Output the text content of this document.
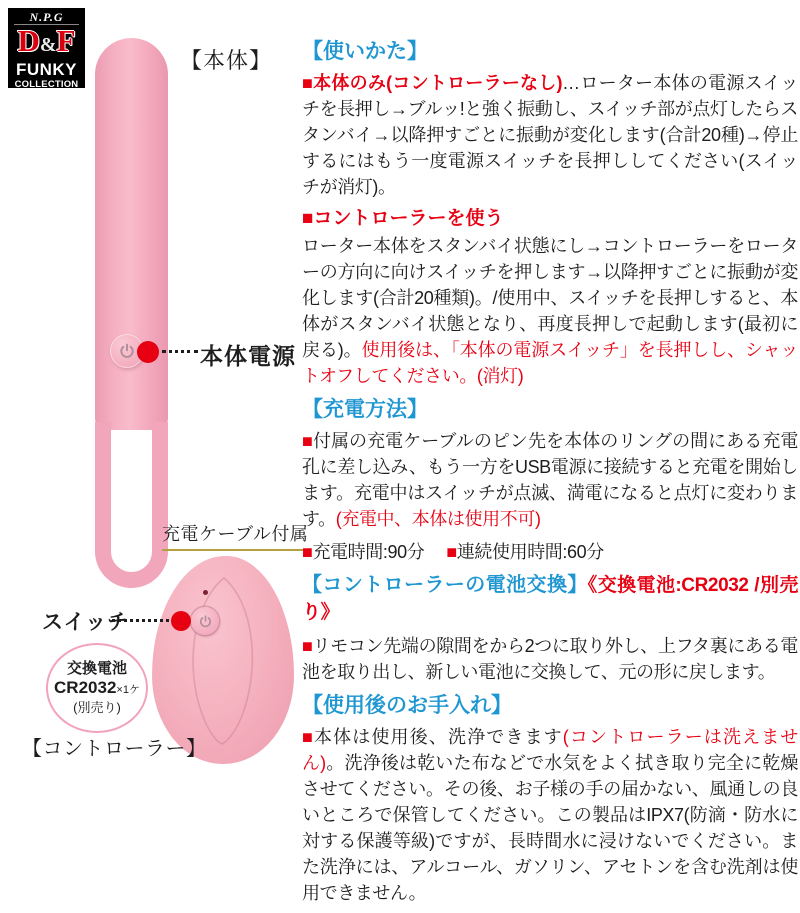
N.P.G
D&F
FUNKY
COLLECTION
【本体】
本体電源
充電ケーブル付属
スイッチ
交換電池
CR2032×1ケ
(別売り)
【コントローラー】
【使いかた】

■本体のみ(コントローラーなし)…ローター本体の電源スイッチを長押し→ブルッ!と強く振動し、スイッチ部が点灯したらスタンバイ→以降押すごとに振動が変化します(合計20種)→停止するにはもう一度電源スイッチを長押ししてください(スイッチが消灯)。

■コントローラーを使う

ローター本体をスタンバイ状態にし→コントローラーをローターの方向に向けスイッチを押します→以降押すごとに振動が変化します(合計20種類)。/使用中、スイッチを長押しすると、本体がスタンバイ状態となり、再度長押しで起動します(最初に戻る)。使用後は、「本体の電源スイッチ」を長押しし、シャットオフしてください。(消灯)

【充電方法】

■付属の充電ケーブルのピン先を本体のリングの間にある充電孔に差し込み、もう一方をUSB電源に接続すると充電を開始します。充電中はスイッチが点滅、満電になると点灯に変わります。(充電中、本体は使用不可)

■充電時間:90分 ■連続使用時間:60分

【コントローラーの電池交換】《交換電池:CR2032 /別売り》

■リモコン先端の隙間をから2つに取り外し、上フタ裏にある電池を取り出し、新しい電池に交換して、元の形に戻します。

【使用後のお手入れ】

■本体は使用後、洗浄できます(コントローラーは洗えません)。洗浄後は乾いた布などで水気をよく拭き取り完全に乾燥させてください。その後、お子様の手の届かない、風通しの良いところで保管してください。この製品はIPX7(防滴・防水に対する保護等級)ですが、長時間水に浸けないでください。また洗浄には、アルコール、ガソリン、アセトンを含む洗剤は使用できません。
